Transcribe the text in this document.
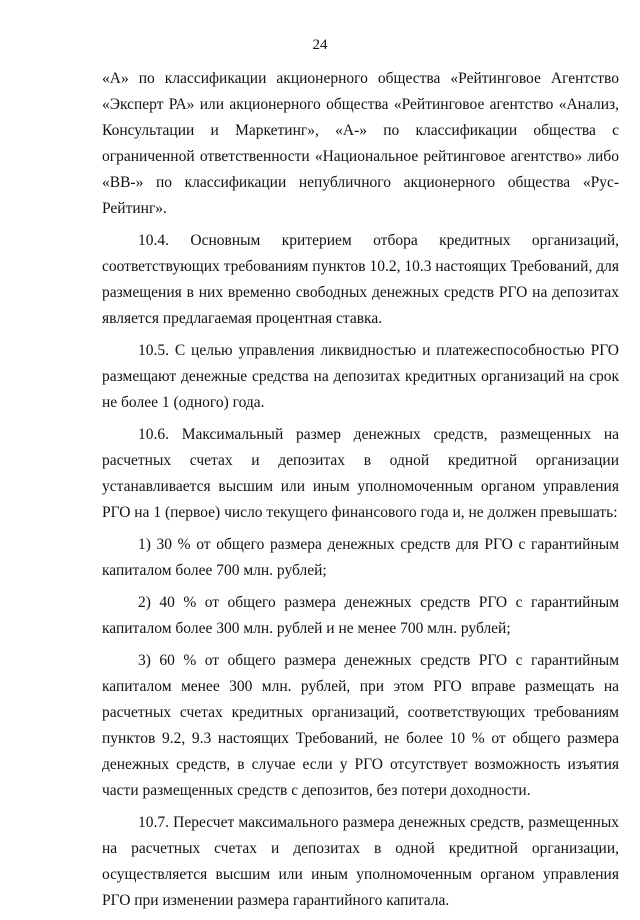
24

«А» по классификации акционерного общества «Рейтинговое Агентство «Эксперт РА» или акционерного общества «Рейтинговое агентство «Анализ, Консультации и Маркетинг», «А-» по классификации общества с ограниченной ответственности «Национальное рейтинговое агентство» либо «ВВ-» по классификации непубличного акционерного общества «Рус-Рейтинг».

10.4. Основным критерием отбора кредитных организаций, соответствующих требованиям пунктов 10.2, 10.3 настоящих Требований, для размещения в них временно свободных денежных средств РГО на депозитах является предлагаемая процентная ставка.

10.5. С целью управления ликвидностью и платежеспособностью РГО размещают денежные средства на депозитах кредитных организаций на срок не более 1 (одного) года.

10.6. Максимальный размер денежных средств, размещенных на расчетных счетах и депозитах в одной кредитной организации устанавливается высшим или иным уполномоченным органом управления РГО на 1 (первое) число текущего финансового года и, не должен превышать:

1) 30 % от общего размера денежных средств для РГО с гарантийным капиталом более 700 млн. рублей;

2) 40 % от общего размера денежных средств РГО с гарантийным капиталом более 300 млн. рублей и не менее 700 млн. рублей;

3) 60 % от общего размера денежных средств РГО с гарантийным капиталом менее 300 млн. рублей, при этом РГО вправе размещать на расчетных счетах кредитных организаций, соответствующих требованиям пунктов 9.2, 9.3 настоящих Требований, не более 10 % от общего размера денежных средств, в случае если у РГО отсутствует возможность изъятия части размещенных средств с депозитов, без потери доходности.

10.7. Пересчет максимального размера денежных средств, размещенных на расчетных счетах и депозитах в одной кредитной организации, осуществляется высшим или иным уполномоченным органом управления РГО при изменении размера гарантийного капитала.
